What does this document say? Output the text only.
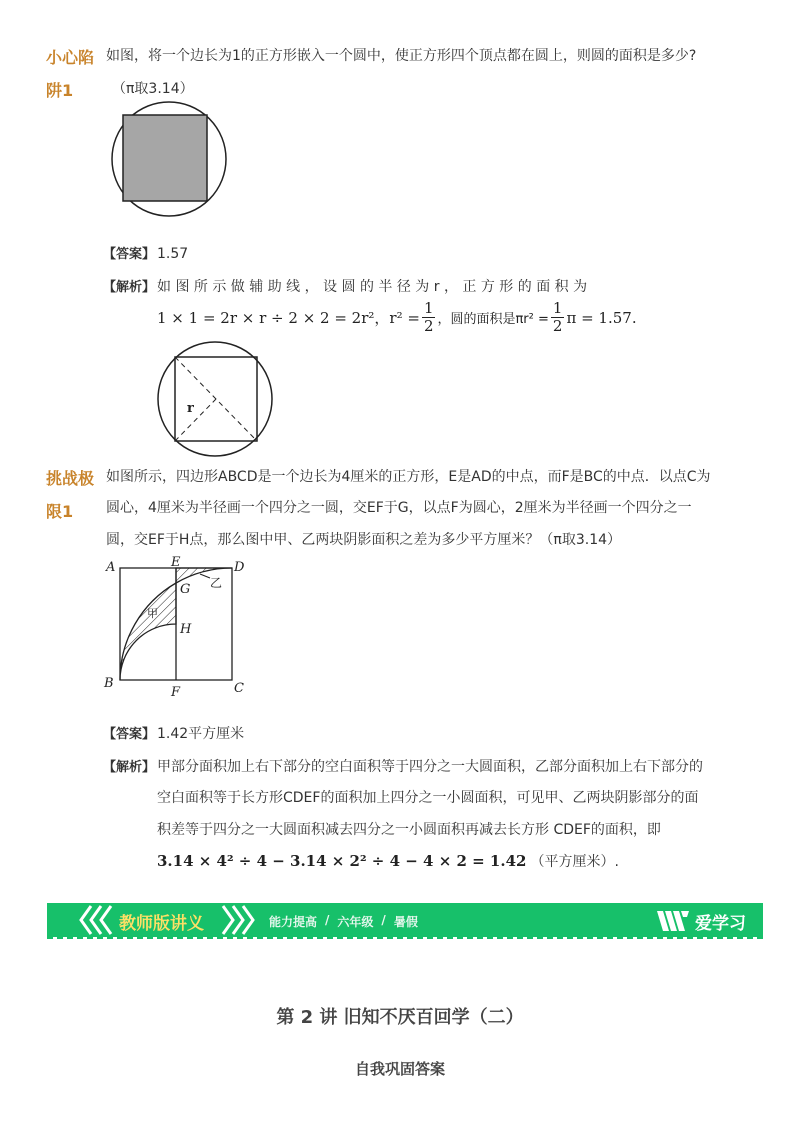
小心陷
阱1
如图，将一个边长为1的正方形嵌入一个圆中，使正方形四个顶点都在圆上，则圆的面积是多少?
（π取3.14）
【答案】 1.57
【解析】 如 图 所 示 做 辅 助 线 ， 设 圆 的 半 径 为 r ， 正 方 形 的 面 积 为
1 × 1 = 2r × r ÷ 2 × 2 = 2r²，$r^2 = \frac{1}{2}$ ，圆的面积是$\pi r^2 = \frac{1}{2}$ π = 1.57.
r
挑战极
限1
如图所示，四边形ABCD是一个边长为4厘米的正方形，E是AD的中点，而F是BC的中点．以点C为
圆心，4厘米为半径画一个四分之一圆，交EF于G，以点F为圆心，2厘米为半径画一个四分之一
圆，交EF于H点，那么图中甲、乙两块阴影面积之差为多少平方厘米？（π取3.14）
A	E	D
G
H
B
F	C
甲
乙
【答案】 1.42平方厘米
【解析】 甲部分面积加上右下部分的空白面积等于四分之一大圆面积，乙部分面积加上右下部分的
空白面积等于长方形CDEF的面积加上四分之一小圆面积，可见甲、乙两块阴影部分的面
积差等于四分之一大圆面积减去四分之一小圆面积再减去长方形 CDEF的面积，即
3.14 × 4² ÷ 4 − 3.14 × 2² ÷ 4 − 4 × 2 = 1.42 （平方厘米）.
教师版讲义	能力提高 / 六年级 / 暑假	爱学习
第 2 讲 旧知不厌百回学（二）
自我巩固答案
